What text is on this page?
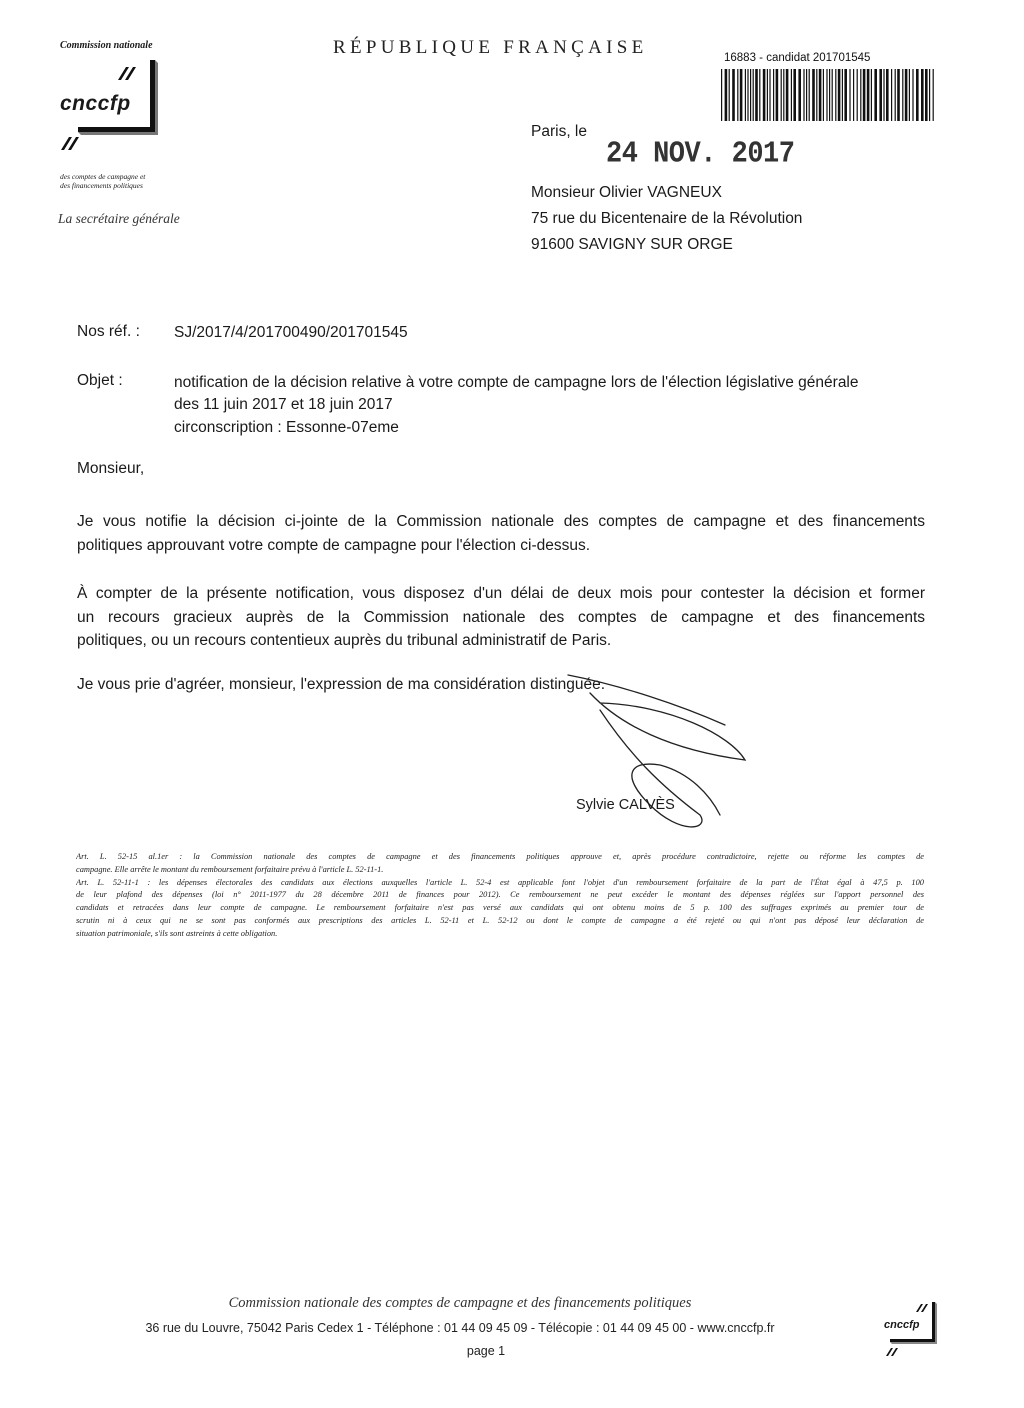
Commission nationale
cnccfp
des comptes de campagne et
des financements politiques
La secrétaire générale
RÉPUBLIQUE FRANÇAISE	16883 - candidat 201701545
Paris, le
24 NOV. 2017
Monsieur Olivier VAGNEUX
75 rue du Bicentenaire de la Révolution
91600 SAVIGNY SUR ORGE
Nos réf. : SJ/2017/4/201700490/201701545
Objet :	notification de la décision relative à votre compte de campagne lors de l'élection législative générale
des 11 juin 2017 et 18 juin 2017
circonscription : Essonne-07eme
Monsieur,
Je vous notifie la décision ci-jointe de la Commission nationale des comptes de campagne et des financements
politiques approuvant votre compte de campagne pour l'élection ci-dessus.
À compter de la présente notification, vous disposez d'un délai de deux mois pour contester la décision et former
un recours gracieux auprès de la Commission nationale des comptes de campagne et des financements
politiques, ou un recours contentieux auprès du tribunal administratif de Paris.
Je vous prie d'agréer, monsieur, l'expression de ma considération distinguée.
Sylvie CALVÈS
Art. L. 52-15 al.1er : la Commission nationale des comptes de campagne et des financements politiques approuve et, après procédure contradictoire, rejette ou réforme les comptes de
campagne. Elle arrête le montant du remboursement forfaitaire prévu à l'article L. 52-11-1.
Art. L. 52-11-1 : les dépenses électorales des candidats aux élections auxquelles l'article L. 52-4 est applicable font l'objet d'un remboursement forfaitaire de la part de l'État égal à 47,5 p. 100
de leur plafond des dépenses (loi n° 2011-1977 du 28 décembre 2011 de finances pour 2012). Ce remboursement ne peut excéder le montant des dépenses réglées sur l'apport personnel des
candidats et retracées dans leur compte de campagne. Le remboursement forfaitaire n'est pas versé aux candidats qui ont obtenu moins de 5 p. 100 des suffrages exprimés au premier tour de
scrutin ni à ceux qui ne se sont pas conformés aux prescriptions des articles L. 52-11 et L. 52-12 ou dont le compte de campagne a été rejeté ou qui n'ont pas déposé leur déclaration de
situation patrimoniale, s'ils sont astreints à cette obligation.
Commission nationale des comptes de campagne et des financements politiques
36 rue du Louvre, 75042 Paris Cedex 1 - Téléphone : 01 44 09 45 09 - Télécopie : 01 44 09 45 00 - www.cnccfp.fr
page 1
cnccfp
